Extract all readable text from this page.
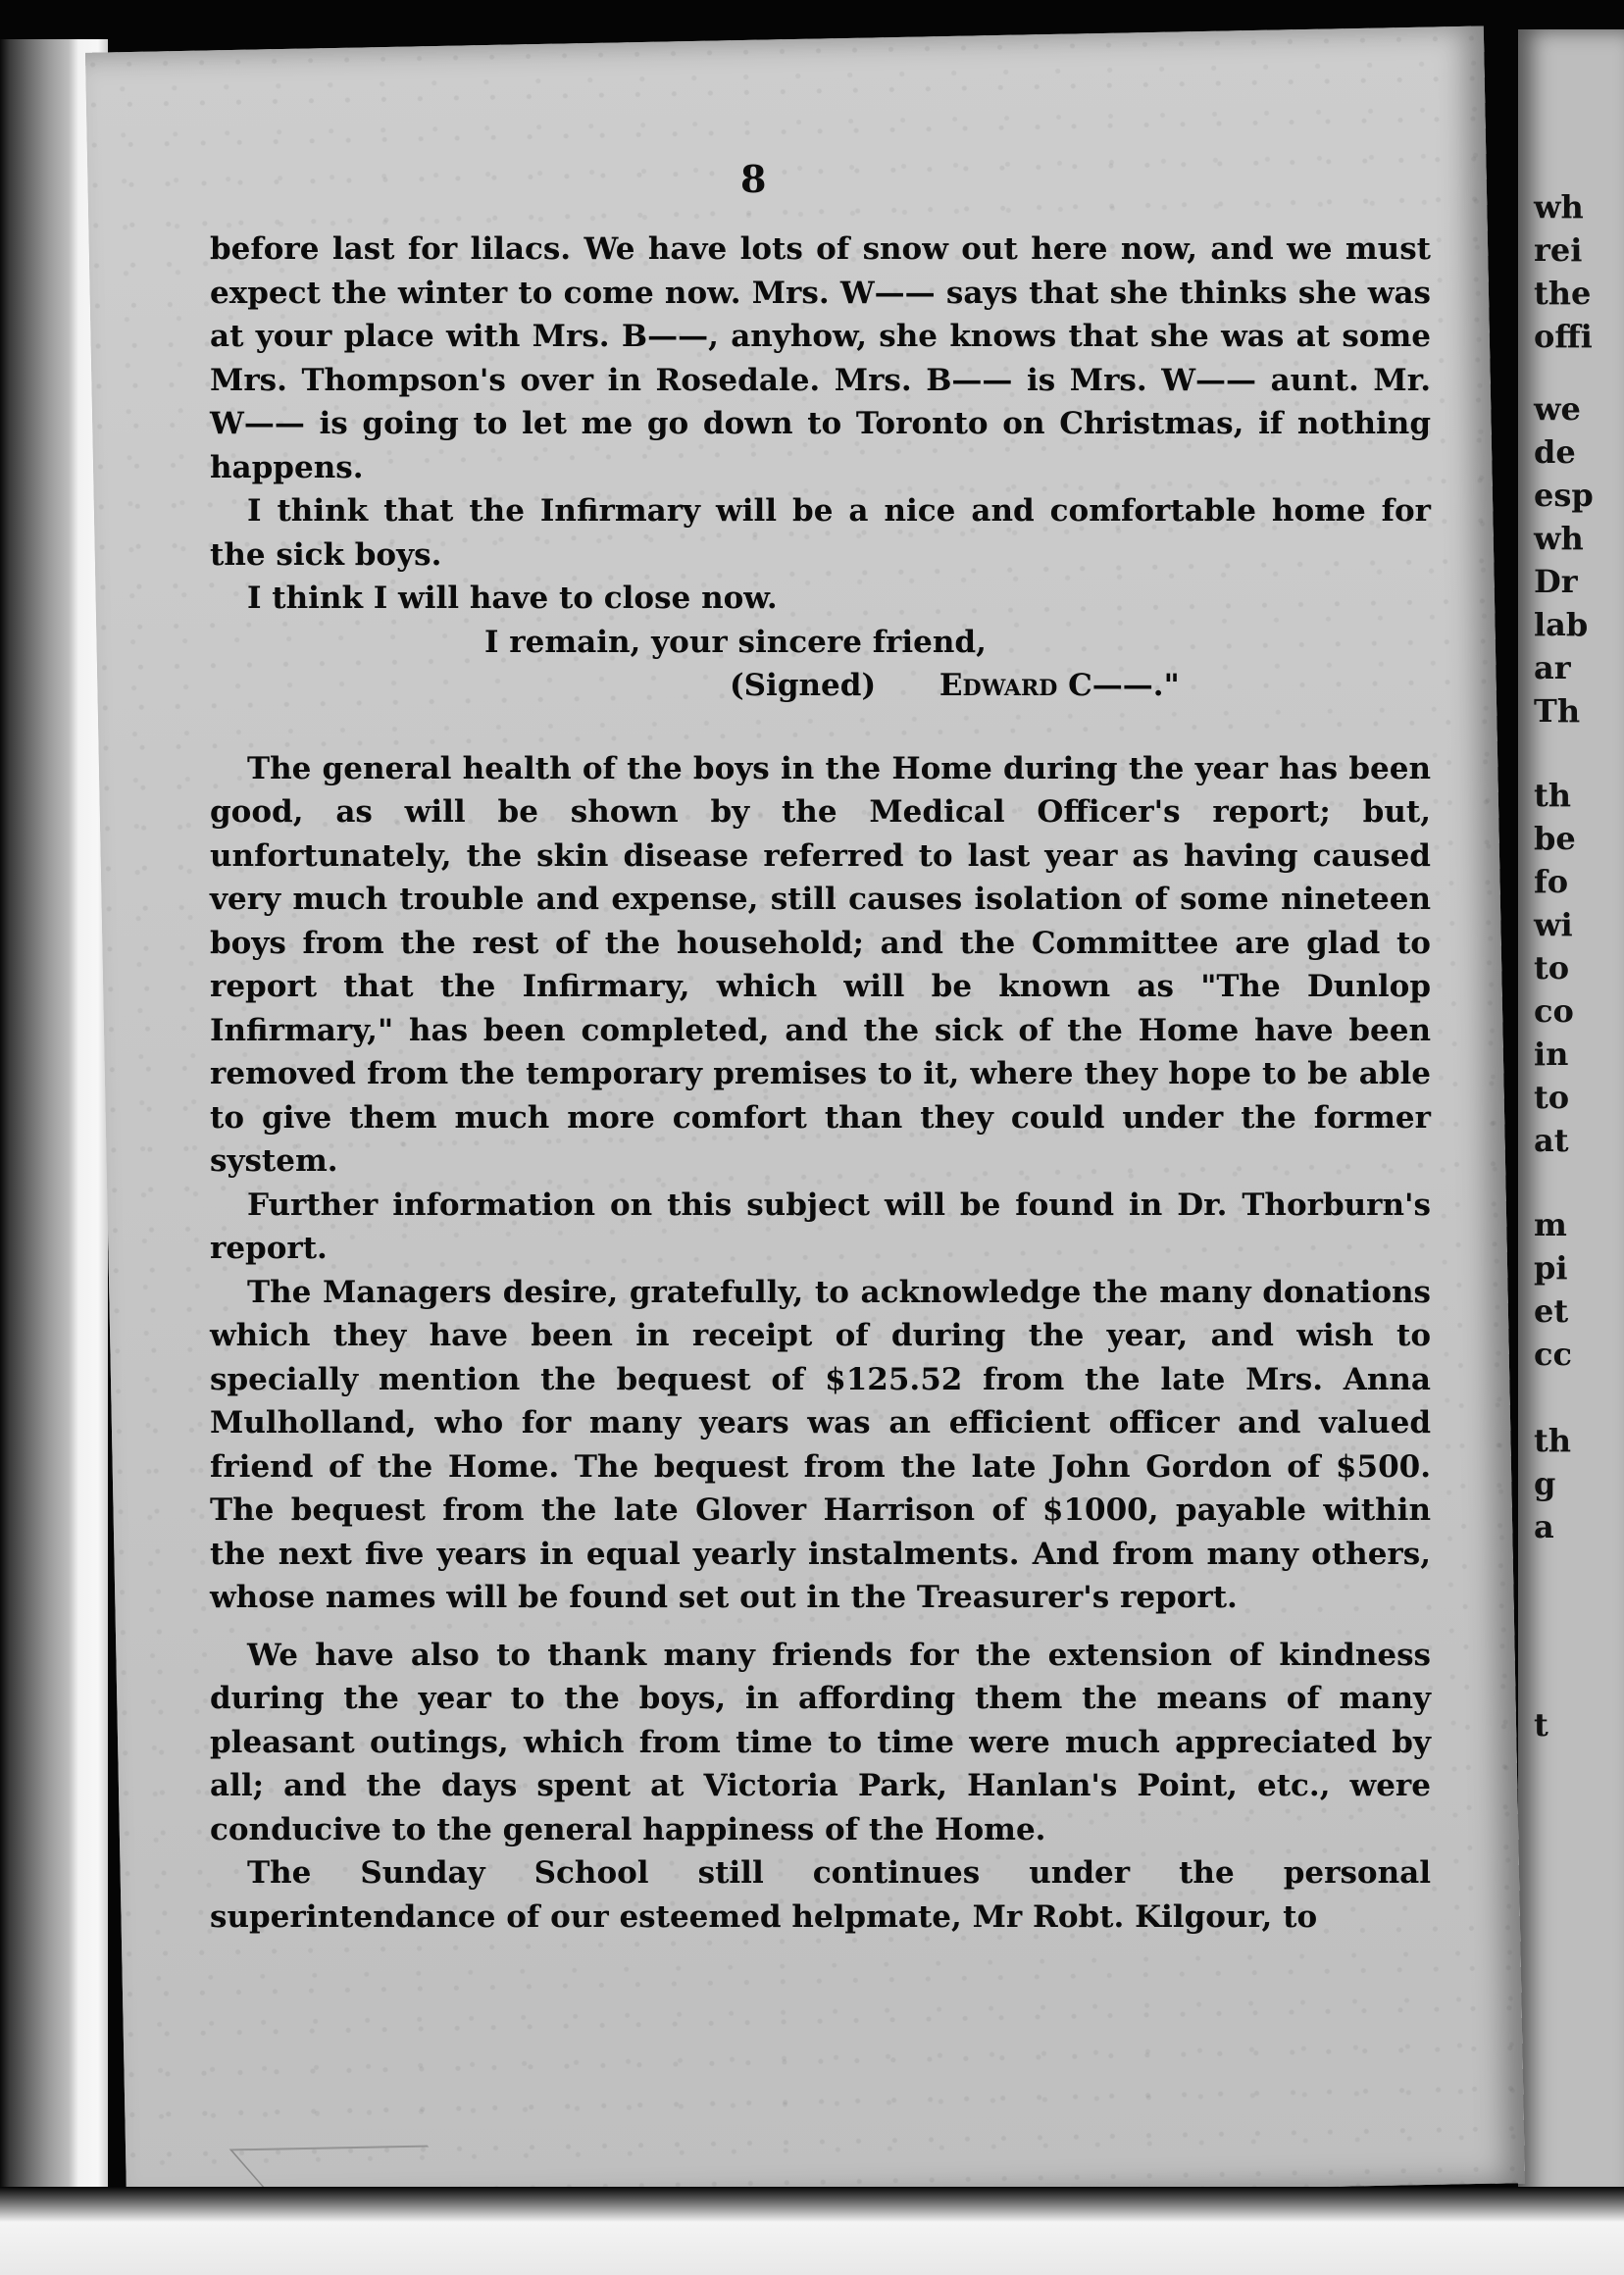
wh
rei
the
offi
we
de
esp
wh
Dr
lab
ar
Th
th
be
fo
wi
to
co
in
to
at
m
pi
et
cc
th
g
a
t
8

before last for lilacs. We have lots of snow out here now, and we must expect the winter to come now. Mrs. W—— says that she thinks she was at your place with Mrs. B——, anyhow, she knows that she was at some Mrs. Thompson's over in Rosedale. Mrs. B—— is Mrs. W—— aunt. Mr. W—— is going to let me go down to Toronto on Christmas, if nothing happens.

I think that the Infirmary will be a nice and comfortable home for the sick boys.

I think I will have to close now.

I remain, your sincere friend,
(Signed) Edward C——."

The general health of the boys in the Home during the year has been good, as will be shown by the Medical Officer's report; but, unfortunately, the skin disease referred to last year as having caused very much trouble and expense, still causes isolation of some nineteen boys from the rest of the household; and the Committee are glad to report that the Infirmary, which will be known as "The Dunlop Infirmary," has been completed, and the sick of the Home have been removed from the temporary premises to it, where they hope to be able to give them much more comfort than they could under the former system.

Further information on this subject will be found in Dr. Thorburn's report.

The Managers desire, gratefully, to acknowledge the many donations which they have been in receipt of during the year, and wish to specially mention the bequest of $125.52 from the late Mrs. Anna Mulholland, who for many years was an efficient officer and valued friend of the Home. The bequest from the late John Gordon of $500. The bequest from the late Glover Harrison of $1000, payable within the next five years in equal yearly instalments. And from many others, whose names will be found set out in the Treasurer's report.

We have also to thank many friends for the extension of kindness during the year to the boys, in affording them the means of many pleasant outings, which from time to time were much appreciated by all; and the days spent at Victoria Park, Hanlan's Point, etc., were conducive to the general happiness of the Home.

The Sunday School still continues under the personal superintendance of our esteemed helpmate, Mr Robt. Kilgour, to
